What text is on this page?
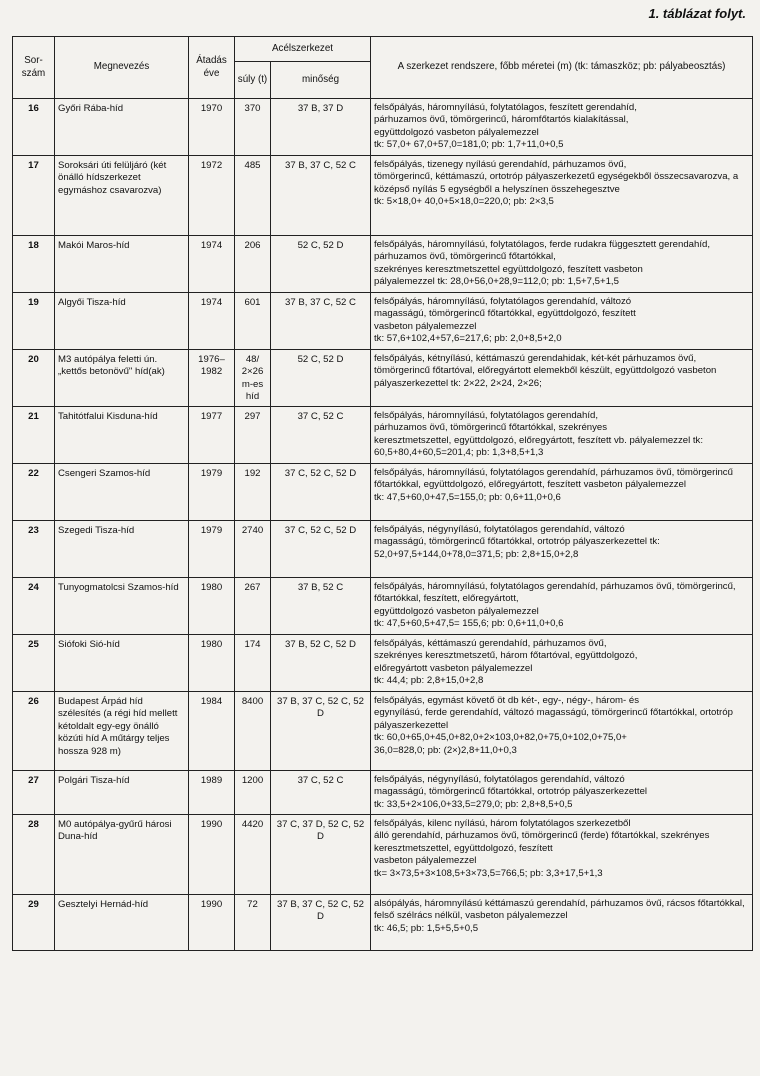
1. táblázat folyt.
Sor- szám	Megnevezés	Átadás éve	Acélszerkezet		A szerkezet rendszere, főbb méretei (m) (tk: támaszköz; pb: pályabeosztás)
			súly (t)	minőség	
16	Győri Rába-híd	1970	370	37 B, 37 D	felsőpályás, háromnyílású, folytatólagos, feszített gerendahíd,
párhuzamos övű, tömörgerincű, háromfőtartós kialakítással,
együttdolgozó vasbeton pályalemezzel
tk: 57,0+ 67,0+57,0=181,0; pb: 1,7+11,0+0,5

17	Soroksári úti felüljáró (két önálló hídszerkezet egymáshoz csavarozva)	1972	485	37 B, 37 C, 52 C	felsőpályás, tizenegy nyílású gerendahíd, párhuzamos övű,
tömörgerincű, kéttámaszú, ortotróp pályaszerkezetű egységekből összecsavarozva, a középső nyílás 5 egységből a helyszínen összehegesztve
tk: 5×18,0+ 40,0+5×18,0=220,0; pb: 2×3,5

18	Makói Maros-híd	1974	206	52 C, 52 D	felsőpályás, háromnyílású, folytatólagos, ferde rudakra függesztett gerendahíd, párhuzamos övű, tömörgerincű főtartókkal,
szekrényes keresztmetszettel együttdolgozó, feszített vasbeton
pályalemezzel tk: 28,0+56,0+28,9=112,0; pb: 1,5+7,5+1,5

19	Algyői Tisza-híd	1974	601	37 B, 37 C, 52 C	felsőpályás, háromnyílású, folytatólagos gerendahíd, változó
magasságú, tömörgerincű főtartókkal, együttdolgozó, feszített
vasbeton pályalemezzel
tk: 57,6+102,4+57,6=217,6; pb: 2,0+8,5+2,0

20	M3 autópálya feletti ún. „kettős betonövű" híd(ak)	1976–1982	48/ 2×26 m-es híd	52 C, 52 D	felsőpályás, kétnyílású, kéttámaszú gerendahidak, két-két párhuzamos övű, tömörgerincű főtartóval, előregyártott elemekből készült, együttdolgozó vasbeton pályaszerkezettel tk: 2×22, 2×24, 2×26;

21	Tahitótfalui Kisduna-híd	1977	297	37 C, 52 C	felsőpályás, háromnyílású, folytatólagos gerendahíd,
párhuzamos övű, tömörgerincű főtartókkal, szekrényes
keresztmetszettel, együttdolgozó, előregyártott, feszített vb. pályalemezzel tk: 60,5+80,4+60,5=201,4; pb: 1,3+8,5+1,3

22	Csengeri Szamos-híd	1979	192	37 C, 52 C, 52 D	felsőpályás, háromnyílású, folytatólagos gerendahíd, párhuzamos övű, tömörgerincű főtartókkal, együttdolgozó, előregyártott, feszített vasbeton pályalemezzel
tk: 47,5+60,0+47,5=155,0; pb: 0,6+11,0+0,6

23	Szegedi Tisza-híd	1979	2740	37 C, 52 C, 52 D	felsőpályás, négynyílású, folytatólagos gerendahíd, változó
magasságú, tömörgerincű főtartókkal, ortotróp pályaszerkezettel tk: 52,0+97,5+144,0+78,0=371,5; pb: 2,8+15,0+2,8

24	Tunyogmatolcsi Szamos-híd	1980	267	37 B, 52 C	felsőpályás, háromnyílású, folytatólagos gerendahíd, párhuzamos övű, tömörgerincű, főtartókkal, feszített, előregyártott,
együttdolgozó vasbeton pályalemezzel
tk: 47,5+60,5+47,5= 155,6; pb: 0,6+11,0+0,6

25	Siófoki Sió-híd	1980	174	37 B, 52 C, 52 D	felsőpályás, kéttámaszú gerendahíd, párhuzamos övű,
szekrényes keresztmetszetű, három főtartóval, együttdolgozó,
előregyártott vasbeton pályalemezzel
tk: 44,4; pb: 2,8+15,0+2,8

26	Budapest Árpád híd szélesítés (a régi híd mellett kétoldalt egy-egy önálló közúti híd A műtárgy teljes hossza 928 m)	1984	8400	37 B, 37 C, 52 C, 52 D	felsőpályás, egymást követő öt db két-, egy-, négy-, három- és
egynyílású, ferde gerendahíd, változó magasságú, tömörgerincű főtartókkal, ortotróp pályaszerkezettel
tk: 60,0+65,0+45,0+82,0+2×103,0+82,0+75,0+102,0+75,0+
36,0=828,0; pb: (2×)2,8+11,0+0,3

27	Polgári Tisza-híd	1989	1200	37 C, 52 C	felsőpályás, négynyílású, folytatólagos gerendahíd, változó
magasságú, tömörgerincű főtartókkal, ortotróp pályaszerkezettel
tk: 33,5+2×106,0+33,5=279,0; pb: 2,8+8,5+0,5

28	M0 autópálya-gyűrű hárosi Duna-híd	1990	4420	37 C, 37 D, 52 C, 52 D	felsőpályás, kilenc nyílású, három folytatólagos szerkezetből
álló gerendahíd, párhuzamos övű, tömörgerincű (ferde) főtartókkal, szekrényes keresztmetszettel, együttdolgozó, feszített
vasbeton pályalemezzel
tk= 3×73,5+3×108,5+3×73,5=766,5; pb: 3,3+17,5+1,3

29	Gesztelyi Hernád-híd	1990	72	37 B, 37 C, 52 C, 52 D	alsópályás, háromnyílású kéttámaszú gerendahíd, párhuzamos övű, rácsos főtartókkal, felső szélrács nélkül, vasbeton pályalemezzel
tk: 46,5; pb: 1,5+5,5+0,5
